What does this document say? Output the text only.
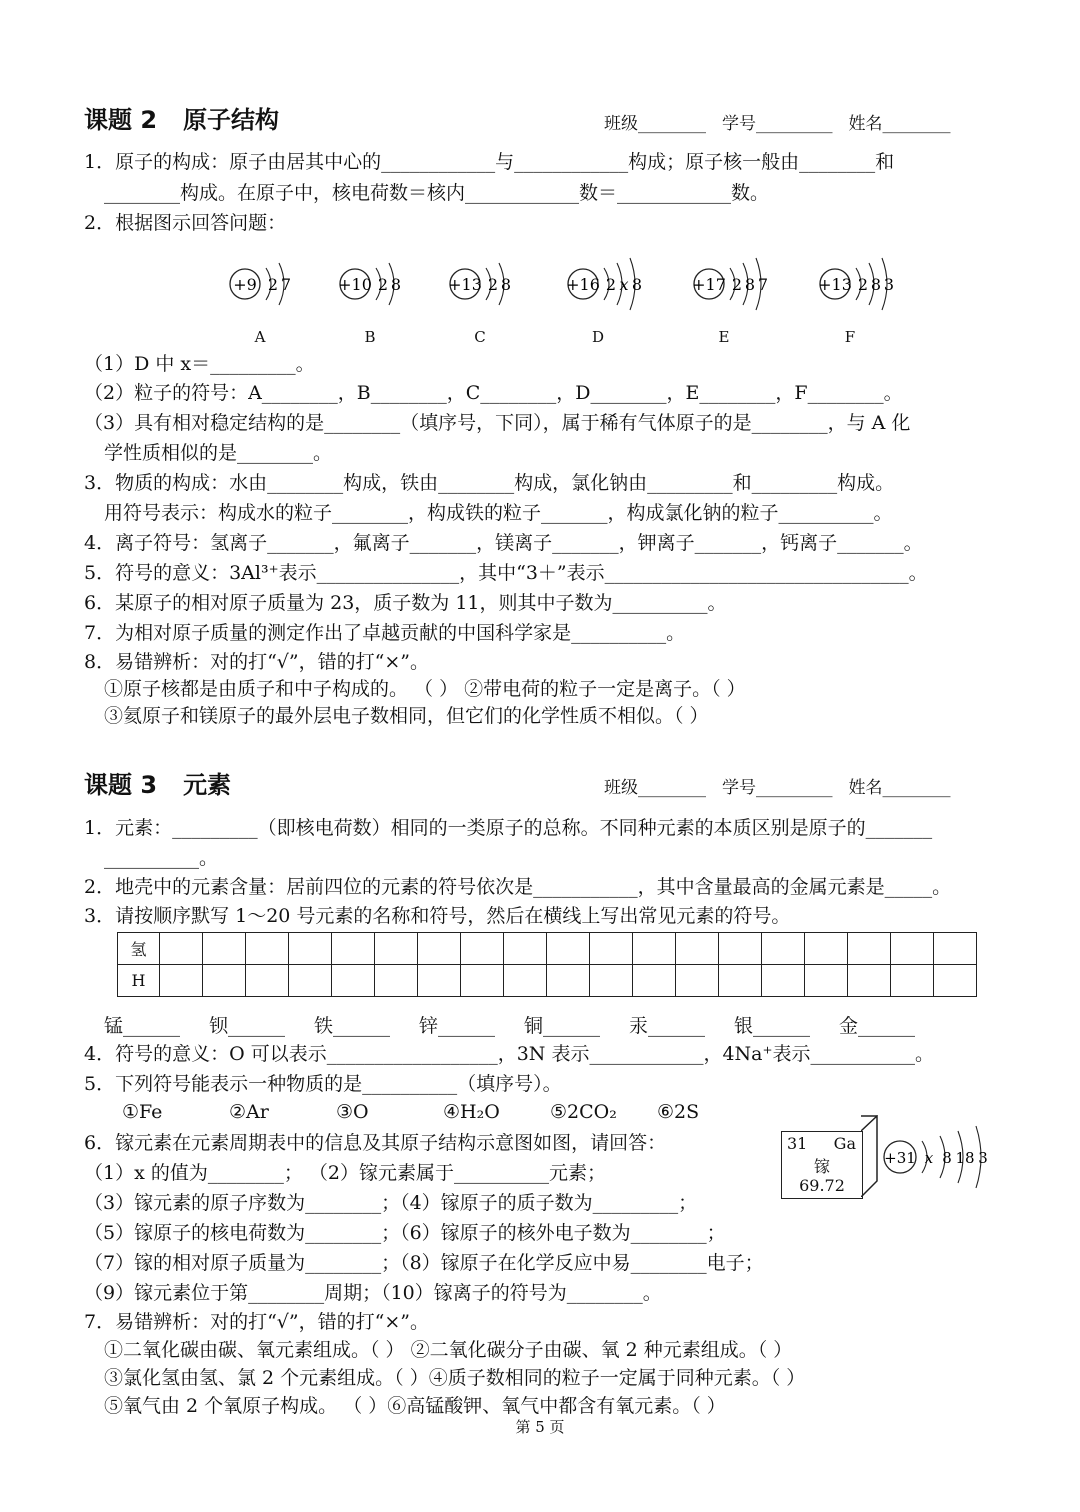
课题 2 原子结构	班级________ 学号_________ 姓名________
1．原子的构成：原子由居其中心的____________与____________构成；原子核一般由________和
________构成。在原子中，核电荷数＝核内____________数＝____________数。
2．根据图示回答问题：
+9 2 7
A
+10 2 8
B
+13 2 8
C
+16 2 x 8
D
+17 2 8 7
E
+13 2 8 3
F
（1）D 中 x＝_________。
（2）粒子的符号：A________，B________，C________，D________，E________，F________。
（3）具有相对稳定结构的是________（填序号，下同），属于稀有气体原子的是________，与 A 化
学性质相似的是________。
3．物质的构成：水由________构成，铁由________构成，氯化钠由_________和_________构成。
用符号表示：构成水的粒子________，构成铁的粒子_______，构成氯化钠的粒子__________。
4．离子符号：氢离子_______，氟离子_______，镁离子_______，钾离子_______，钙离子_______。
5．符号的意义：3Al³⁺表示_______________，其中“3＋”表示________________________________。
6．某原子的相对原子质量为 23，质子数为 11，则其中子数为__________。
7．为相对原子质量的测定作出了卓越贡献的中国科学家是__________。
8．易错辨析：对的打“√”，错的打“×”。
①原子核都是由质子和中子构成的。 （ ） ②带电荷的粒子一定是离子。（ ）
③氦原子和镁原子的最外层电子数相同，但它们的化学性质不相似。（ ）
课题 3 元素	班级________ 学号_________ 姓名________
1．元素：_________（即核电荷数）相同的一类原子的总称。不同种元素的本质区别是原子的_______
__________。
2．地壳中的元素含量：居前四位的元素的符号依次是___________，其中含量最高的金属元素是_____。
3．请按顺序默写 1～20 号元素的名称和符号，然后在横线上写出常见元素的符号。
氢																			
H																			
锰______ 钡______ 铁______ 锌______ 铜______ 汞______ 银______ 金______
4．符号的意义：O 可以表示__________________，3N 表示____________，4Na⁺表示___________。
5．下列符号能表示一种物质的是__________（填序号）。
①Fe	②Ar	③O	④H₂O	⑤2CO₂ ⑥2S
6．镓元素在元素周期表中的信息及其原子结构示意图如图，请回答：
（1）x 的值为________； （2）镓元素属于__________元素；
（3）镓元素的原子序数为________；（4）镓原子的质子数为_________；
（5）镓原子的核电荷数为________；（6）镓原子的核外电子数为________；
（7）镓的相对原子质量为________；（8）镓原子在化学反应中易________电子；
（9）镓元素位于第________周期；（10）镓离子的符号为________。
31 Ga
镓
69.72
+31 x 8 18 3
7．易错辨析：对的打“√”，错的打“×”。
①二氧化碳由碳、氧元素组成。（ ） ②二氧化碳分子由碳、氧 2 种元素组成。（ ）
③氯化氢由氢、氯 2 个元素组成。（ ）④质子数相同的粒子一定属于同种元素。（ ）
⑤氧气由 2 个氧原子构成。 （ ）⑥高锰酸钾、氧气中都含有氧元素。（ ）
第 5 页
